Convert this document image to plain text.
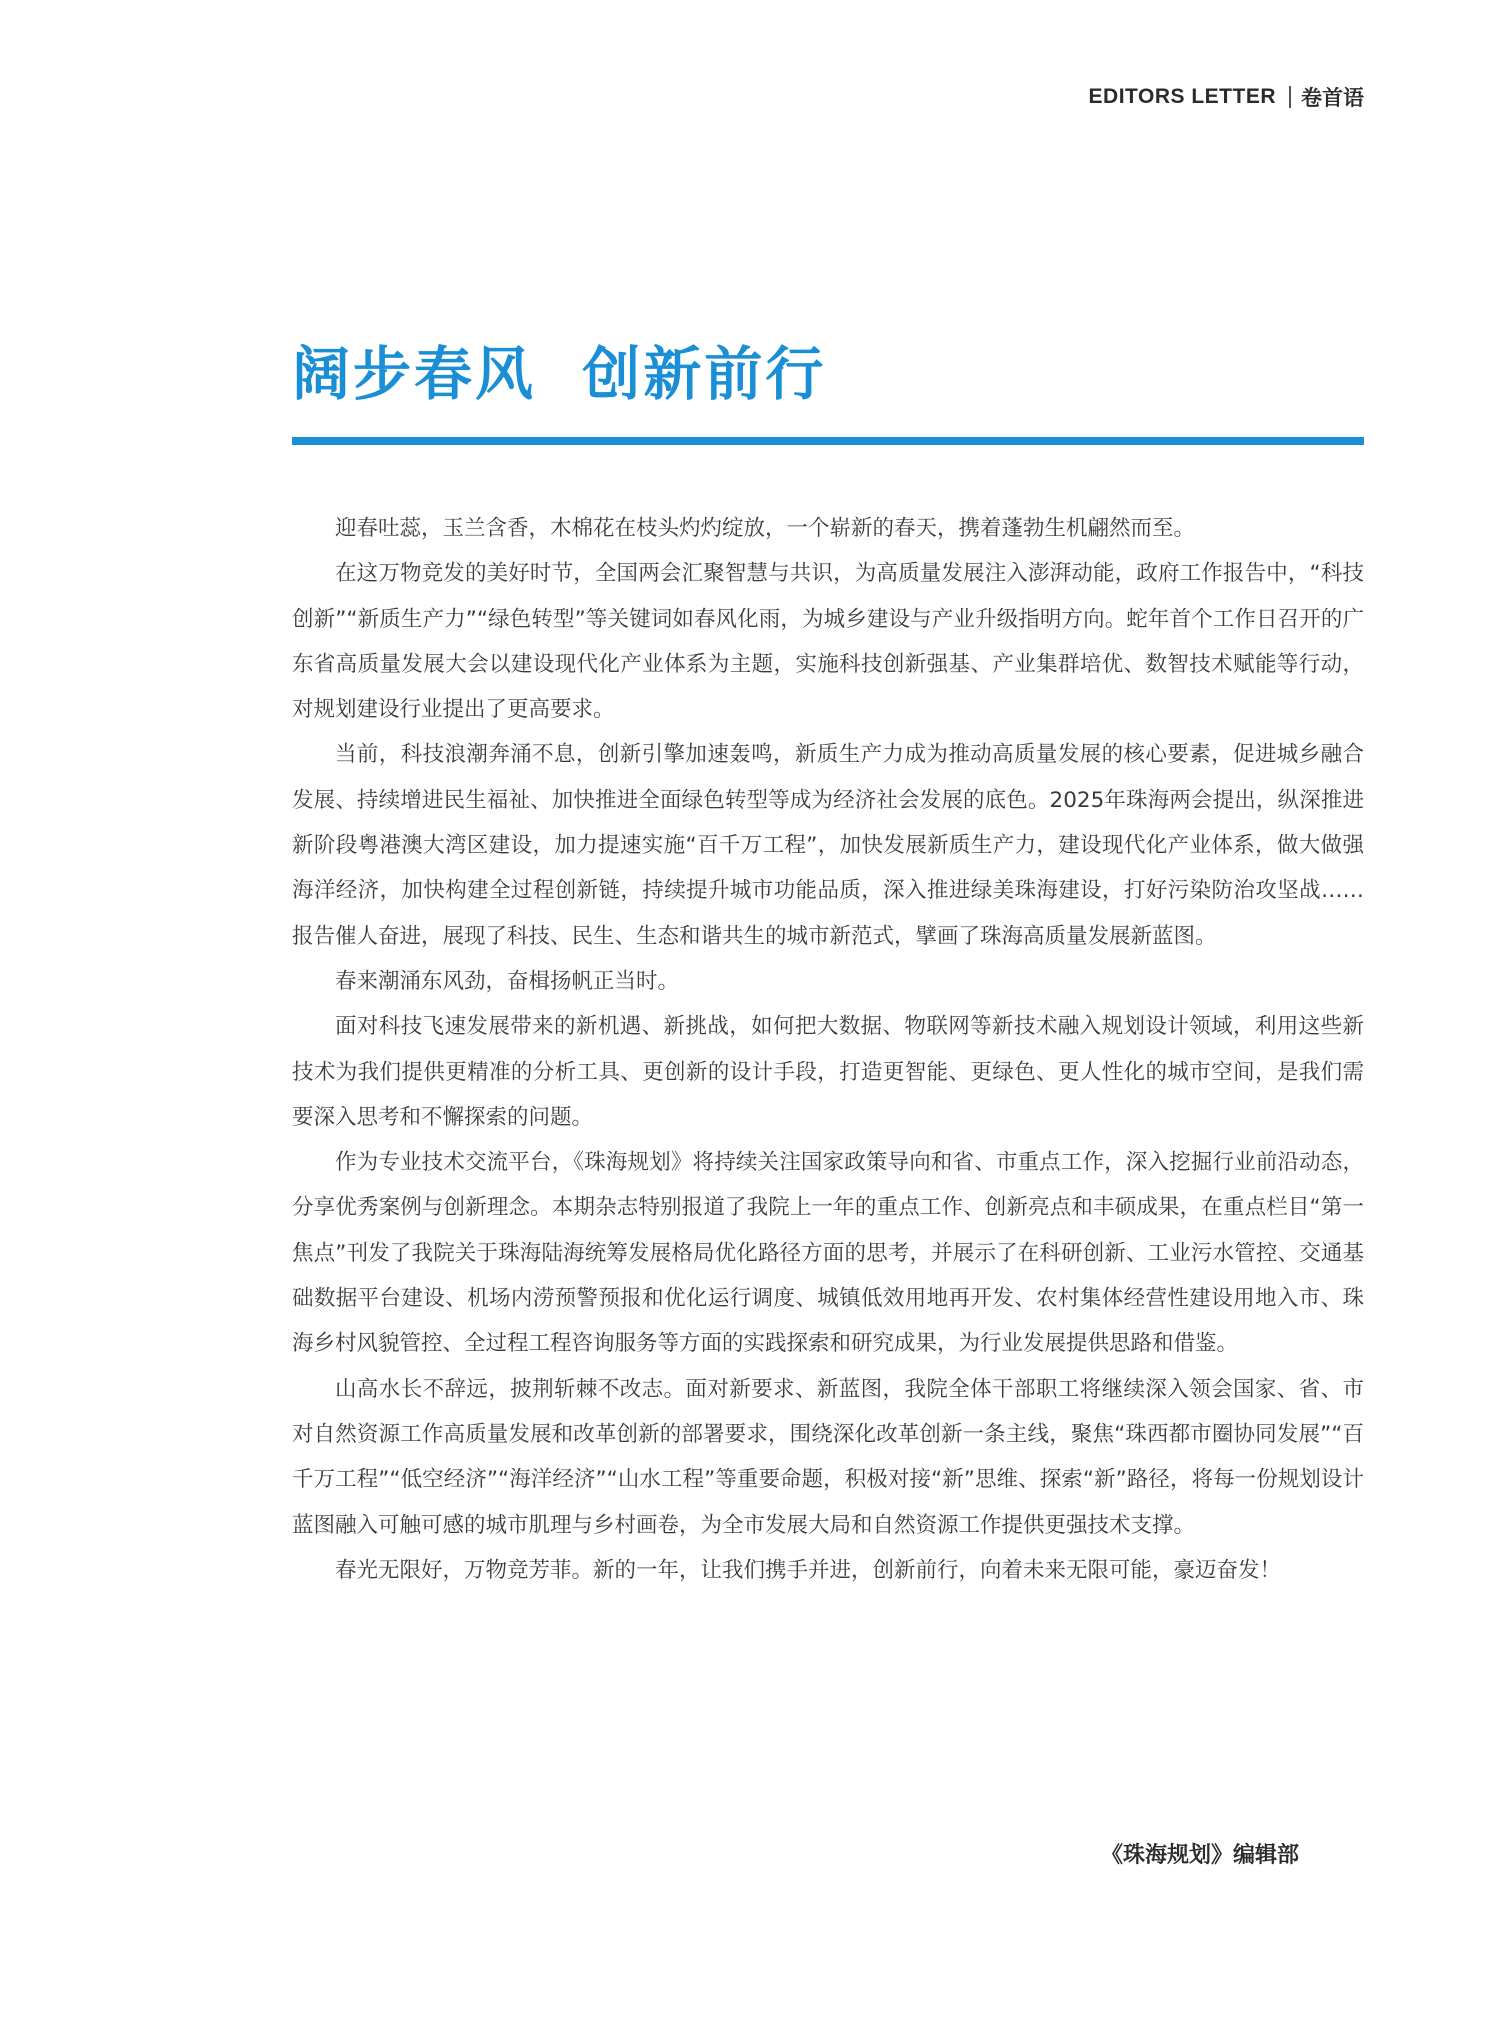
EDITORS LETTER 卷首语
阔步春风  创新前行

迎春吐蕊，玉兰含香，木棉花在枝头灼灼绽放，一个崭新的春天，携着蓬勃生机翩然而至。

在这万物竞发的美好时节，全国两会汇聚智慧与共识，为高质量发展注入澎湃动能，政府工作报告中，“科技创新”“新质生产力”“绿色转型”等关键词如春风化雨，为城乡建设与产业升级指明方向。蛇年首个工作日召开的广东省高质量发展大会以建设现代化产业体系为主题，实施科技创新强基、产业集群培优、数智技术赋能等行动，对规划建设行业提出了更高要求。

当前，科技浪潮奔涌不息，创新引擎加速轰鸣，新质生产力成为推动高质量发展的核心要素，促进城乡融合发展、持续增进民生福祉、加快推进全面绿色转型等成为经济社会发展的底色。2025年珠海两会提出，纵深推进新阶段粤港澳大湾区建设，加力提速实施“百千万工程”，加快发展新质生产力，建设现代化产业体系，做大做强海洋经济，加快构建全过程创新链，持续提升城市功能品质，深入推进绿美珠海建设，打好污染防治攻坚战……报告催人奋进，展现了科技、民生、生态和谐共生的城市新范式，擘画了珠海高质量发展新蓝图。

春来潮涌东风劲，奋楫扬帆正当时。

面对科技飞速发展带来的新机遇、新挑战，如何把大数据、物联网等新技术融入规划设计领域，利用这些新技术为我们提供更精准的分析工具、更创新的设计手段，打造更智能、更绿色、更人性化的城市空间，是我们需要深入思考和不懈探索的问题。

作为专业技术交流平台，《珠海规划》将持续关注国家政策导向和省、市重点工作，深入挖掘行业前沿动态，分享优秀案例与创新理念。本期杂志特别报道了我院上一年的重点工作、创新亮点和丰硕成果，在重点栏目“第一焦点”刊发了我院关于珠海陆海统筹发展格局优化路径方面的思考，并展示了在科研创新、工业污水管控、交通基础数据平台建设、机场内涝预警预报和优化运行调度、城镇低效用地再开发、农村集体经营性建设用地入市、珠海乡村风貌管控、全过程工程咨询服务等方面的实践探索和研究成果，为行业发展提供思路和借鉴。

山高水长不辞远，披荆斩棘不改志。面对新要求、新蓝图，我院全体干部职工将继续深入领会国家、省、市对自然资源工作高质量发展和改革创新的部署要求，围绕深化改革创新一条主线，聚焦“珠西都市圈协同发展”“百千万工程”“低空经济”“海洋经济”“山水工程”等重要命题，积极对接“新”思维、探索“新”路径，将每一份规划设计蓝图融入可触可感的城市肌理与乡村画卷，为全市发展大局和自然资源工作提供更强技术支撑。

春光无限好，万物竞芳菲。新的一年，让我们携手并进，创新前行，向着未来无限可能，豪迈奋发！

《珠海规划》编辑部
